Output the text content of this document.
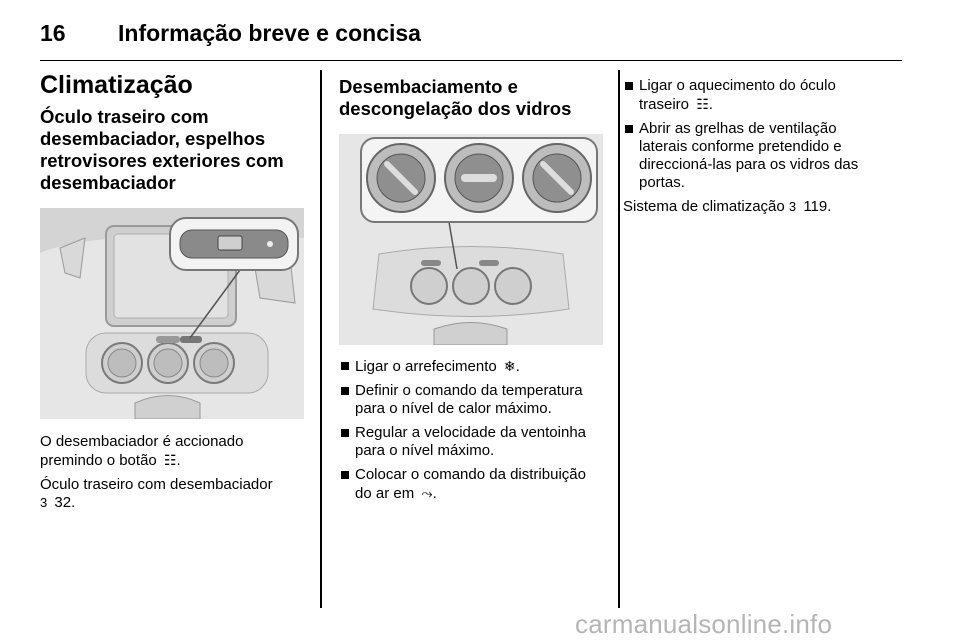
16 Informação breve e concisa
Climatização
Óculo traseiro com
desembaciador, espelhos
retrovisores exteriores com
desembaciador

O desembaciador é accionado
premindo o botão ☷.

Óculo traseiro com desembaciador
3 32.

Desembaciamento e
descongelação dos vidros
Ligar o arrefecimento ❄.
Definir o comando da temperatura
para o nível de calor máximo.
Regular a velocidade da ventoinha
para o nível máximo.
Colocar o comando da distribuição
do ar em ⤳.
Ligar o aquecimento do óculo
traseiro ☷.
Abrir as grelhas de ventilação
laterais conforme pretendido e
direccioná-las para os vidros das
portas.

Sistema de climatização 3 119.

carmanualsonline.info
